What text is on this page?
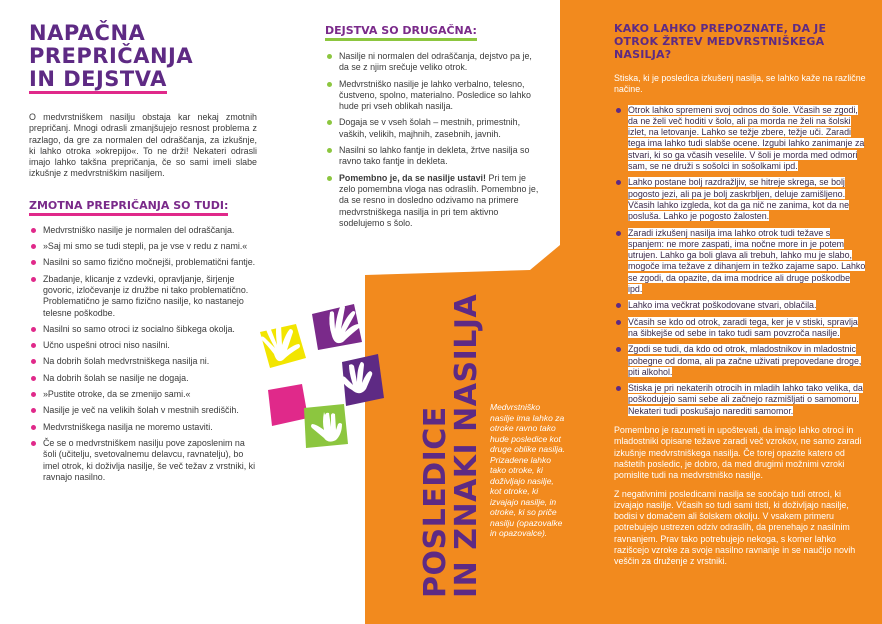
NAPAČNA
PREPRIČANJA
IN DEJSTVA

O medvrstniškem nasilju obstaja kar nekaj zmotnih prepričanj. Mnogi odrasli zmanjšujejo resnost problema z razlago, da gre za normalen del odraščanja, za izkušnje, ki lahko otroka »okrepijo«. To ne drži! Nekateri odrasli imajo lahko takšna prepričanja, če so sami imeli slabe izkušnje z medvrstniškim nasiljem.

ZMOTNA PREPRIČANJA SO TUDI:
Medvrstniško nasilje je normalen del odraščanja.
»Saj mi smo se tudi stepli, pa je vse v redu z nami.«
Nasilni so samo fizično močnejši, problematični fantje.
Zbadanje, klicanje z vzdevki, opravljanje, širjenje govoric, izločevanje iz družbe ni tako problematično. Problematično je samo fizično nasilje, ko nastanejo telesne poškodbe.
Nasilni so samo otroci iz socialno šibkega okolja.
Učno uspešni otroci niso nasilni.
Na dobrih šolah medvrstniškega nasilja ni.
Na dobrih šolah se nasilje ne dogaja.
»Pustite otroke, da se zmenijo sami.«
Nasilje je več na velikih šolah v mestnih središčih.
Medvrstniškega nasilja ne moremo ustaviti.
Če se o medvrstniškem nasilju pove zaposlenim na šoli (učitelju, svetovalnemu delavcu, ravnatelju), bo imel otrok, ki doživlja nasilje, še več težav z vrstniki, ki ravnajo nasilno.
DEJSTVA SO DRUGAČNA:
Nasilje ni normalen del odraščanja, dejstvo pa je, da se z njim srečuje veliko otrok.
Medvrstniško nasilje je lahko verbalno, telesno, čustveno, spolno, materialno. Posledice so lahko hude pri vseh oblikah nasilja.
Dogaja se v vseh šolah – mestnih, primestnih, vaških, velikih, majhnih, zasebnih, javnih.
Nasilni so lahko fantje in dekleta, žrtve nasilja so ravno tako fantje in dekleta.
Pomembno je, da se nasilje ustavi! Pri tem je zelo pomembna vloga nas odraslih. Pomembno je, da se resno in dosledno odzivamo na primere medvrstniškega nasilja in pri tem aktivno sodelujemo s šolo.
POSLEDICE
IN ZNAKI NASILJA Medvrstniško nasilje ima lahko za otroke ravno tako hude posledice kot druge oblike nasilja. Prizadene lahko tako otroke, ki doživljajo nasilje, kot otroke, ki izvajajo nasilje, in otroke, ki so priče nasilju (opazovalke in opazovalce).
KAKO LAHKO PREPOZNATE, DA JE OTROK ŽRTEV MEDVRSTNIŠKEGA NASILJA?

Stiska, ki je posledica izkušenj nasilja, se lahko kaže na različne načine.

Otrok lahko spremeni svoj odnos do šole. Včasih se zgodi, da ne želi več hoditi v šolo, ali pa morda ne želi na šolski izlet, na letovanje. Lahko se težje zbere, težje uči. Zaradi tega ima lahko tudi slabše ocene. Izgubi lahko zanimanje za stvari, ki so ga včasih veselile. V šoli je morda med odmori sam, se ne druži s sošolci in sošolkami ipd.
Lahko postane bolj razdražljiv, se hitreje skrega, se bolj pogosto jezi, ali pa je bolj zaskrbljen, deluje zamišljeno. Včasih lahko izgleda, kot da ga nič ne zanima, kot da ne posluša. Lahko je pogosto žalosten.
Zaradi izkušenj nasilja ima lahko otrok tudi težave s spanjem: ne more zaspati, ima nočne more in je potem utrujen. Lahko ga boli glava ali trebuh, lahko mu je slabo, mogoče ima težave z dihanjem in težko zajame sapo. Lahko se zgodi, da opazite, da ima modrice ali druge poškodbe ipd.
Lahko ima večkrat poškodovane stvari, oblačila.
Včasih se kdo od otrok, zaradi tega, ker je v stiski, spravlja na šibkejše od sebe in tako tudi sam povzroča nasilje.
Zgodi se tudi, da kdo od otrok, mladostnikov in mladostnic pobegne od doma, ali pa začne uživati prepovedane droge, piti alkohol.
Stiska je pri nekaterih otrocih in mladih lahko tako velika, da poškodujejo sami sebe ali začnejo razmišljati o samomoru. Nekateri tudi poskušajo narediti samomor.

Pomembno je razumeti in upoštevati, da imajo lahko otroci in mladostniki opisane težave zaradi več vzrokov, ne samo zaradi izkušnje medvrstniškega nasilja. Če torej opazite katero od naštetih posledic, je dobro, da med drugimi možnimi vzroki pomislite tudi na medvrstniško nasilje.

Z negativnimi posledicami nasilja se soočajo tudi otroci, ki izvajajo nasilje. Včasih so tudi sami tisti, ki doživljajo nasilje, bodisi v domačem ali šolskem okolju. V vsakem primeru potrebujejo ustrezen odziv odraslih, da prenehajo z nasilnim ravnanjem. Prav tako potrebujejo nekoga, s komer lahko razišcejo vzroke za svoje nasilno ravnanje in se naučijo novih veščin za druženje z vrstniki.
